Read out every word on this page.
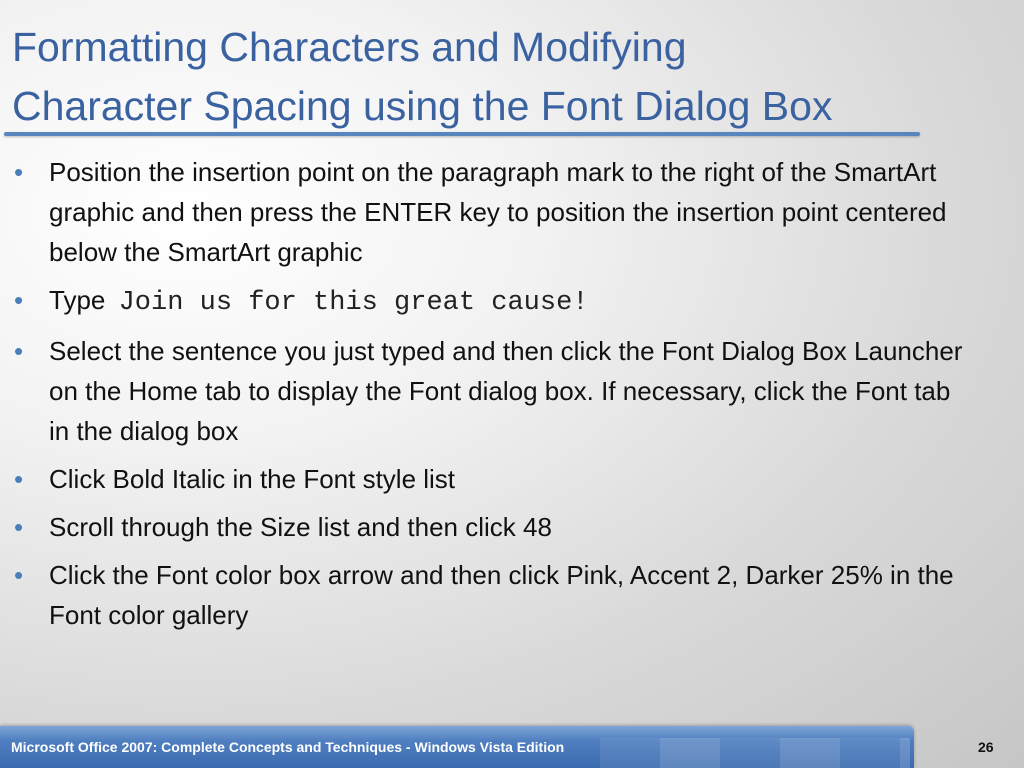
Formatting Characters and Modifying
Character Spacing using the Font Dialog Box
• Position the insertion point on the paragraph mark to the right of the SmartArt graphic and then press the ENTER key to position the insertion point centered below the SmartArt graphic
• Type Join us for this great cause!
• Select the sentence you just typed and then click the Font Dialog Box Launcher on the Home tab to display the Font dialog box. If necessary, click the Font tab in the dialog box
• Click Bold Italic in the Font style list
• Scroll through the Size list and then click 48
• Click the Font color box arrow and then click Pink, Accent 2, Darker 25% in the Font color gallery
Microsoft Office 2007: Complete Concepts and Techniques - Windows Vista Edition	26
